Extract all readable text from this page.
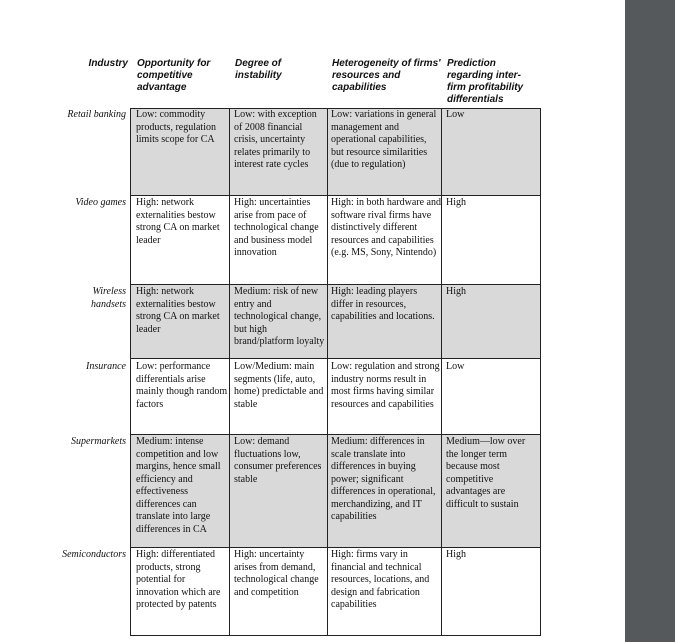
Industry Opportunity for competitive advantage
Degree of instability
Heterogeneity of firms' resources and capabilities
Prediction regarding inter-firm profitability differentials
Retail banking Low: commodity products, regulation limits scope for CA
Low: with exception of 2008 financial crisis, uncertainty relates primarily to interest rate cycles
Low: variations in general management and operational capabilities, but resource similarities (due to regulation)
Low
Video games High: network externalities bestow strong CA on market leader
High: uncertainties arise from pace of technological change and business model innovation
High: in both hardware and software rival firms have distinctively different resources and capabilities (e.g. MS, Sony, Nintendo)
High
Wireless handsets
High: network externalities bestow strong CA on market leader
Medium: risk of new entry and technological change, but high brand/platform loyalty
High: leading players differ in resources, capabilities and locations.
High
Insurance Low: performance differentials arise mainly though random factors
Low/Medium: main segments (life, auto, home) predictable and stable
Low: regulation and strong industry norms result in most firms having similar resources and capabilities
Low
Supermarkets Medium: intense competition and low margins, hence small efficiency and effectiveness differences can translate into large differences in CA
Low: demand fluctuations low, consumer preferences stable
Medium: differences in scale translate into differences in buying power; significant differences in operational, merchandizing, and IT capabilities
Medium—low over the longer term because most competitive advantages are difficult to sustain
Semiconductors High: differentiated products, strong potential for innovation which are protected by patents
High: uncertainty arises from demand, technological change and competition
High: firms vary in financial and technical resources, locations, and design and fabrication capabilities
High
